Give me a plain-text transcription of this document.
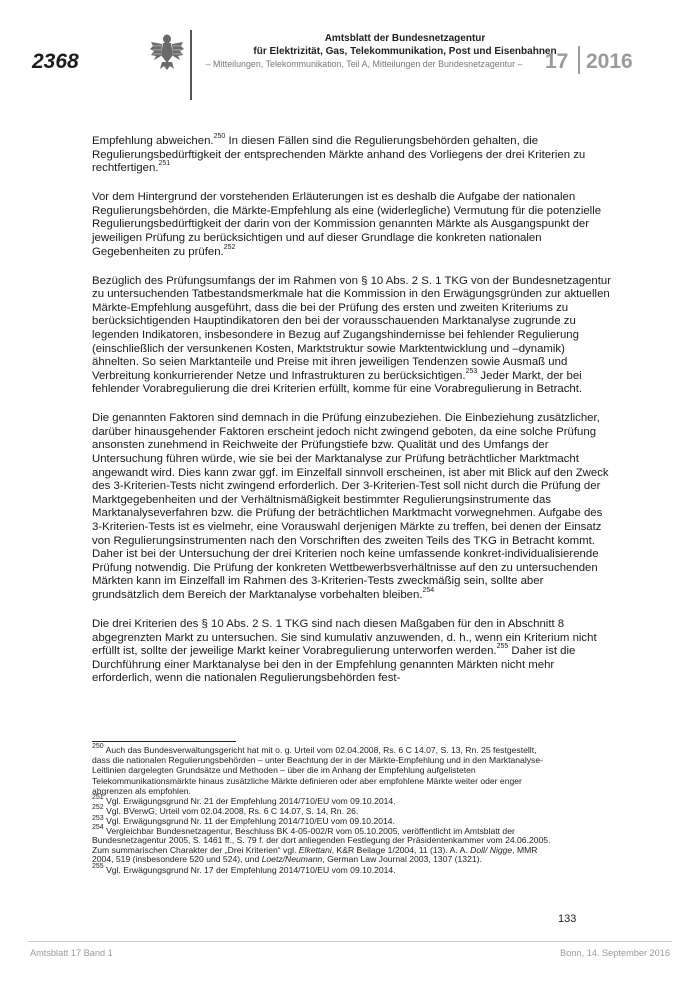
2368
Amtsblatt der Bundesnetzagentur
für Elektrizität, Gas, Telekommunikation, Post und Eisenbahnen
– Mitteilungen, Telekommunikation, Teil A, Mitteilungen der Bundesnetzagentur –	17 2016

Empfehlung abweichen.$^{250}$ In diesen Fällen sind die Regulierungsbehörden gehalten, die Regulierungsbedürftigkeit der entsprechenden Märkte anhand des Vorliegens der drei Kriterien zu rechtfertigen.$^{251}$

Vor dem Hintergrund der vorstehenden Erläuterungen ist es deshalb die Aufgabe der nationalen Regulierungsbehörden, die Märkte-Empfehlung als eine (widerlegliche) Vermutung für die potenzielle Regulierungsbedürftigkeit der darin von der Kommission genannten Märkte als Ausgangspunkt der jeweiligen Prüfung zu berücksichtigen und auf dieser Grundlage die konkreten nationalen Gegebenheiten zu prüfen.$^{252}$

Bezüglich des Prüfungsumfangs der im Rahmen von § 10 Abs. 2 S. 1 TKG von der Bundesnetzagentur zu untersuchenden Tatbestandsmerkmale hat die Kommission in den Erwägungsgründen zur aktuellen Märkte-Empfehlung ausgeführt, dass die bei der Prüfung des ersten und zweiten Kriteriums zu berücksichtigenden Hauptindikatoren den bei der vorausschauenden Marktanalyse zugrunde zu legenden Indikatoren, insbesondere in Bezug auf Zugangshindernisse bei fehlender Regulierung (einschließlich der versunkenen Kosten, Marktstruktur sowie Marktentwicklung und –dynamik) ähnelten. So seien Marktanteile und Preise mit ihren jeweiligen Tendenzen sowie Ausmaß und Verbreitung konkurrierender Netze und Infrastrukturen zu berücksichtigen.$^{253}$ Jeder Markt, der bei fehlender Vorabregulierung die drei Kriterien erfüllt, komme für eine Vorabregulierung in Betracht.

Die genannten Faktoren sind demnach in die Prüfung einzubeziehen. Die Einbeziehung zusätzlicher, darüber hinausgehender Faktoren erscheint jedoch nicht zwingend geboten, da eine solche Prüfung ansonsten zunehmend in Reichweite der Prüfungstiefe bzw. Qualität und des Umfangs der Untersuchung führen würde, wie sie bei der Marktanalyse zur Prüfung beträchtlicher Marktmacht angewandt wird. Dies kann zwar ggf. im Einzelfall sinnvoll erscheinen, ist aber mit Blick auf den Zweck des 3-Kriterien-Tests nicht zwingend erforderlich. Der 3-Kriterien-Test soll nicht durch die Prüfung der Marktgegebenheiten und der Verhältnismäßigkeit bestimmter Regulierungsinstrumente das Marktanalyseverfahren bzw. die Prüfung der beträchtlichen Marktmacht vorwegnehmen. Aufgabe des 3-Kriterien-Tests ist es vielmehr, eine Vorauswahl derjenigen Märkte zu treffen, bei denen der Einsatz von Regulierungsinstrumenten nach den Vorschriften des zweiten Teils des TKG in Betracht kommt. Daher ist bei der Untersuchung der drei Kriterien noch keine umfassende konkret-individualisierende Prüfung notwendig. Die Prüfung der konkreten Wettbewerbsverhältnisse auf den zu untersuchenden Märkten kann im Einzelfall im Rahmen des 3-Kriterien-Tests zweckmäßig sein, sollte aber grundsätzlich dem Bereich der Marktanalyse vorbehalten bleiben.$^{254}$

Die drei Kriterien des § 10 Abs. 2 S. 1 TKG sind nach diesen Maßgaben für den in Abschnitt 8 abgegrenzten Markt zu untersuchen. Sie sind kumulativ anzuwenden, d. h., wenn ein Kriterium nicht erfüllt ist, sollte der jeweilige Markt keiner Vorabregulierung unterworfen werden.$^{255}$ Daher ist die Durchführung einer Marktanalyse bei den in der Empfehlung genannten Märkten nicht mehr erforderlich, wenn die nationalen Regulierungsbehörden fest-

$^{250}$ Auch das Bundesverwaltungsgericht hat mit o. g. Urteil vom 02.04.2008, Rs. 6 C 14.07, S. 13, Rn. 25 festgestellt, dass die nationalen Regulierungsbehörden – unter Beachtung der in der Märkte-Empfehlung und in den Marktanalyse-Leitlinien dargelegten Grundsätze und Methoden – über die im Anhang der Empfehlung aufgelisteten Telekommunikationsmärkte hinaus zusätzliche Märkte definieren oder aber empfohlene Märkte weiter oder enger abgrenzen als empfohlen.

$^{251}$ Vgl. Erwägungsgrund Nr. 21 der Empfehlung 2014/710/EU vom 09.10.2014.

$^{252}$ Vgl. BVerwG, Urteil vom 02.04.2008, Rs. 6 C 14.07, S. 14, Rn. 26.

$^{253}$ Vgl. Erwägungsgrund Nr. 11 der Empfehlung 2014/710/EU vom 09.10.2014.

$^{254}$ Vergleichbar Bundesnetzagentur, Beschluss BK 4-05-002/R vom 05.10.2005, veröffentlicht im Amtsblatt der Bundesnetzagentur 2005, S. 1461 ff., S. 79 f. der dort anliegenden Festlegung der Präsidentenkammer vom 24.06.2005. Zum summarischen Charakter der „Drei Kriterien“ vgl. Elkettani, K&R Beilage 1/2004, 11 (13). A. A. Doll/ Nigge, MMR 2004, 519 (insbesondere 520 und 524), und Loetz/Neumann, German Law Journal 2003, 1307 (1321).

$^{255}$ Vgl. Erwägungsgrund Nr. 17 der Empfehlung 2014/710/EU vom 09.10.2014.

133
Amtsblatt 17 Band 1	Bonn, 14. September 2016
